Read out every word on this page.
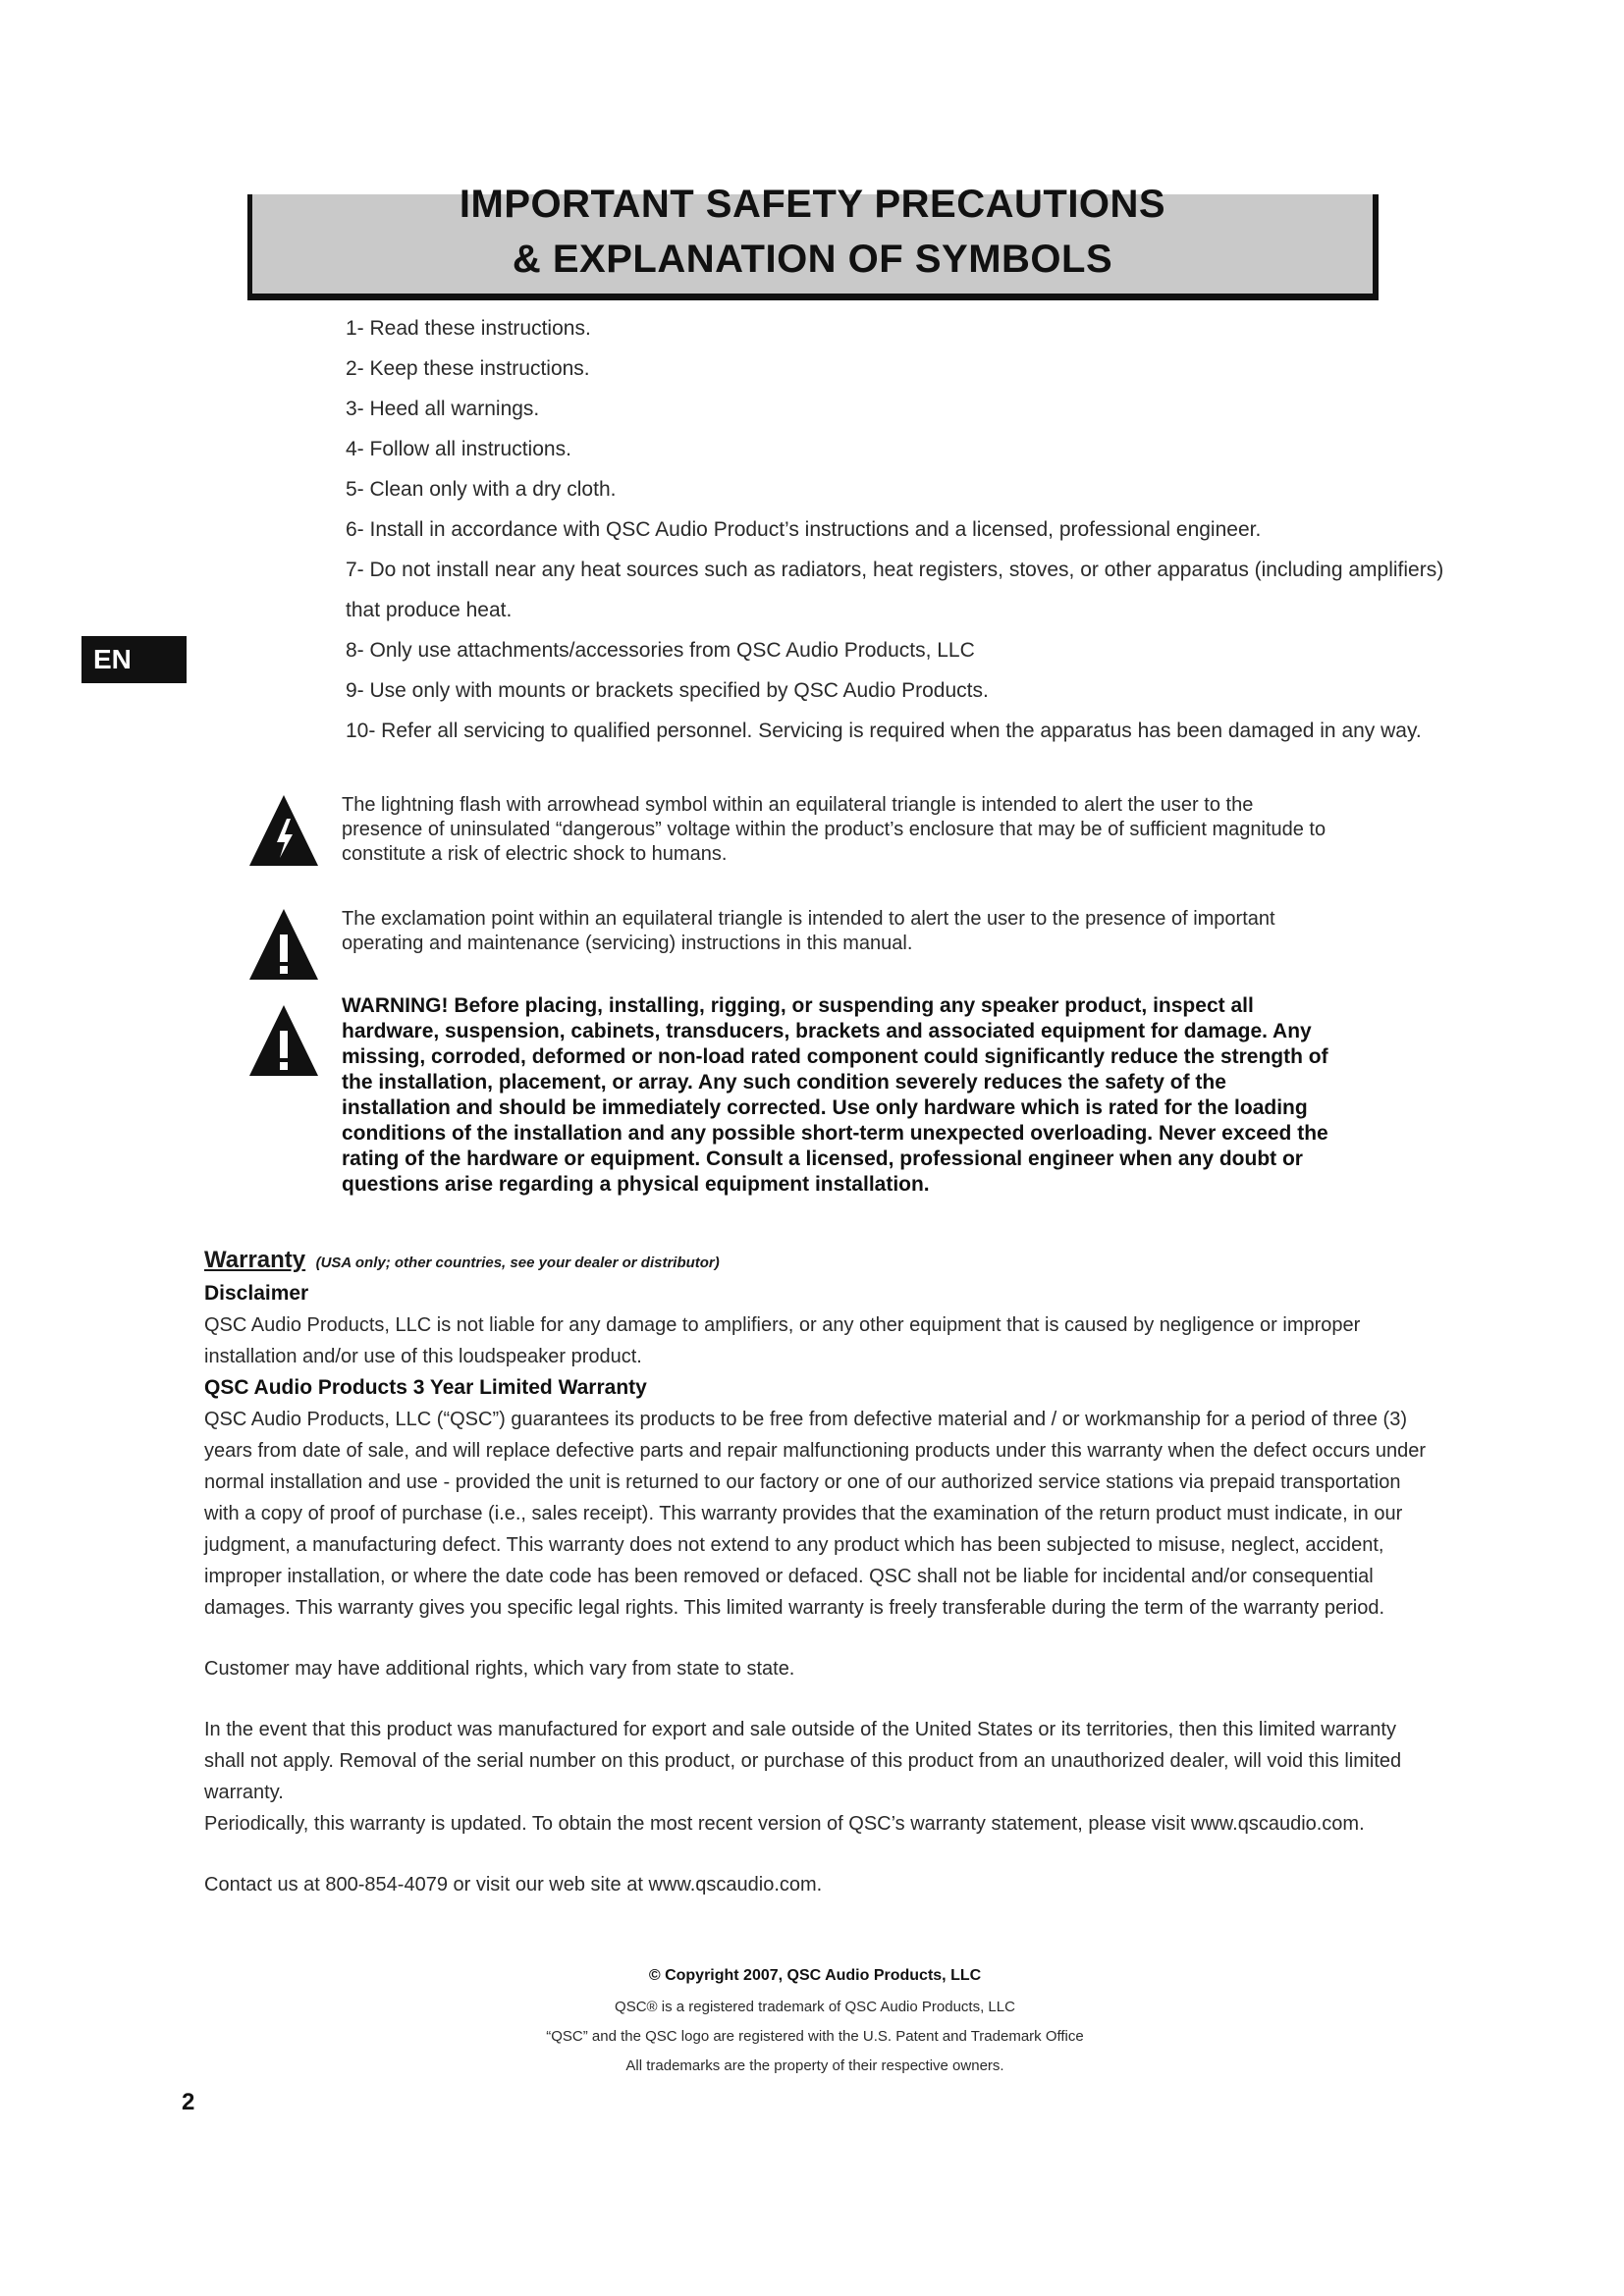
IMPORTANT SAFETY PRECAUTIONS
& EXPLANATION OF SYMBOLS
EN
1- Read these instructions.
2- Keep these instructions.
3- Heed all warnings.
4- Follow all instructions.
5- Clean only with a dry cloth.
6- Install in accordance with QSC Audio Product’s instructions and a licensed, professional engineer.
7- Do not install near any heat sources such as radiators, heat registers, stoves, or other apparatus (including amplifiers)
that produce heat.
8- Only use attachments/accessories from QSC Audio Products, LLC
9- Use only with mounts or brackets specified by QSC Audio Products.
10- Refer all servicing to qualified personnel. Servicing is required when the apparatus has been damaged in any way.
The lightning flash with arrowhead symbol within an equilateral triangle is intended to alert the user to the presence of uninsulated “dangerous” voltage within the product’s enclosure that may be of sufficient magnitude to constitute a risk of electric shock to humans.
The exclamation point within an equilateral triangle is intended to alert the user to the presence of important operating and maintenance (servicing) instructions in this manual.
WARNING! Before placing, installing, rigging, or suspending any speaker product, inspect all hardware, suspension, cabinets, transducers, brackets and associated equipment for damage. Any missing, corroded, deformed or non-load rated component could significantly reduce the strength of the installation, placement, or array. Any such condition severely reduces the safety of the installation and should be immediately corrected. Use only hardware which is rated for the loading conditions of the installation and any possible short-term unexpected overloading. Never exceed the rating of the hardware or equipment. Consult a licensed, professional engineer when any doubt or questions arise regarding a physical equipment installation.
Warranty (USA only; other countries, see your dealer or distributor)
Disclaimer

QSC Audio Products, LLC is not liable for any damage to amplifiers, or any other equipment that is caused by negligence or improper installation and/or use of this loudspeaker product.

QSC Audio Products 3 Year Limited Warranty

QSC Audio Products, LLC (“QSC”) guarantees its products to be free from defective material and / or workmanship for a period of three (3) years from date of sale, and will replace defective parts and repair malfunctioning products under this warranty when the defect occurs under normal installation and use - provided the unit is returned to our factory or one of our authorized service stations via prepaid transportation with a copy of proof of purchase (i.e., sales receipt). This warranty provides that the examination of the return product must indicate, in our judgment, a manufacturing defect. This warranty does not extend to any product which has been subjected to misuse, neglect, accident, improper installation, or where the date code has been removed or defaced. QSC shall not be liable for incidental and/or consequential damages. This warranty gives you specific legal rights. This limited warranty is freely transferable during the term of the warranty period.

Customer may have additional rights, which vary from state to state.

In the event that this product was manufactured for export and sale outside of the United States or its territories, then this limited warranty shall not apply. Removal of the serial number on this product, or purchase of this product from an unauthorized dealer, will void this limited warranty.

Periodically, this warranty is updated. To obtain the most recent version of QSC’s warranty statement, please visit www.qscaudio.com.

Contact us at 800-854-4079 or visit our web site at www.qscaudio.com.

© Copyright 2007, QSC Audio Products, LLC
QSC® is a registered trademark of QSC Audio Products, LLC
“QSC” and the QSC logo are registered with the U.S. Patent and Trademark Office
All trademarks are the property of their respective owners.
2
